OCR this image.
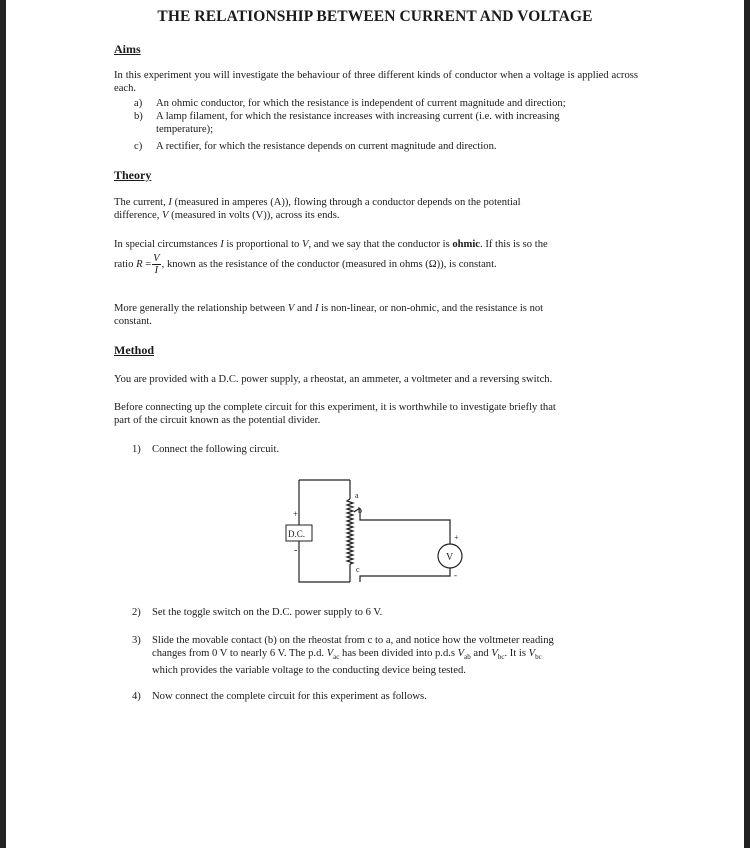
THE RELATIONSHIP BETWEEN CURRENT AND VOLTAGE
Aims
In this experiment you will investigate the behaviour of three different kinds of conductor when a voltage is applied across each.
a) An ohmic conductor, for which the resistance is independent of current magnitude and direction;
b) A lamp filament, for which the resistance increases with increasing current (i.e. with increasing
temperature);
c) A rectifier, for which the resistance depends on current magnitude and direction.
Theory
The current, I (measured in amperes (A)), flowing through a conductor depends on the potential
difference, V (measured in volts (V)), across its ends.
In special circumstances I is proportional to V, and we say that the conductor is ohmic. If this is so the
ratio $R = \frac{V}{I}$ , known as the resistance of the conductor (measured in ohms (Ω)), is constant.
More generally the relationship between V and I is non-linear, or non-ohmic, and the resistance is not
constant.
Method
You are provided with a D.C. power supply, a rheostat, an ammeter, a voltmeter and a reversing switch.
Before connecting up the complete circuit for this experiment, it is worthwhile to investigate briefly that
part of the circuit known as the potential divider.
1) Connect the following circuit.
D.C.
+
-
a
b
c
V
+
-
2) Set the toggle switch on the D.C. power supply to 6 V.
3) Slide the movable contact (b) on the rheostat from c to a, and notice how the voltmeter reading
changes from 0 V to nearly 6 V. The p.d. $V_{ac}$ has been divided into p.d.s $V_{ab}$ and $V_{bc}$. It is $V_{bc}$
which provides the variable voltage to the conducting device being tested.
4) Now connect the complete circuit for this experiment as follows.
